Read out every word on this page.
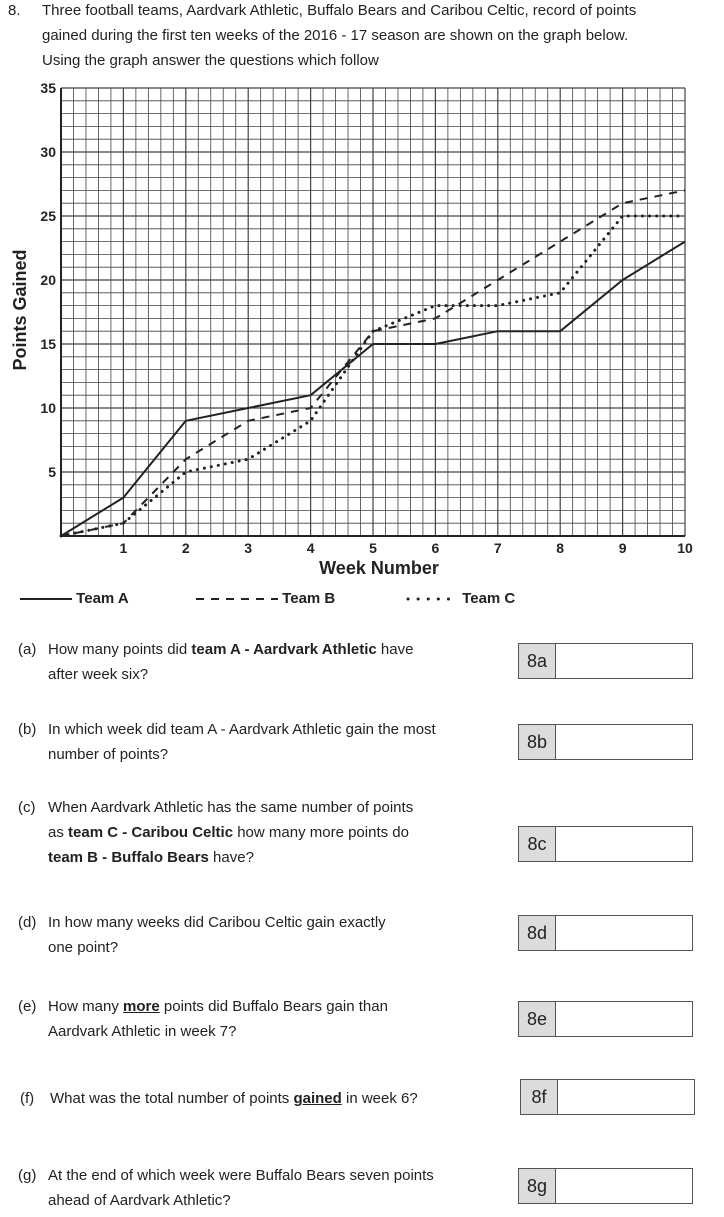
8. Three football teams, Aardvark Athletic, Buffalo Bears and Caribou Celtic, record of points
gained during the first ten weeks of the 2016 - 17 season are shown on the graph below.
Using the graph answer the questions which follow
1	2	3	4	5	6	7	8	9	10
5
10
15
20
25
30
35
Week Number
Points Gained
Team A	Team B	Team C
(a) How many points did team A - Aardvark Athletic have
after week six?
8a
(b) In which week did team A - Aardvark Athletic gain the most
number of points?
8b
(c) When Aardvark Athletic has the same number of points
as team C - Caribou Celtic how many more points do
team B - Buffalo Bears have?
8c
(d) In how many weeks did Caribou Celtic gain exactly
one point?
8d
(e) How many more points did Buffalo Bears gain than
Aardvark Athletic in week 7?
8e
(f) What was the total number of points gained in week 6?	8f
(g) At the end of which week were Buffalo Bears seven points
ahead of Aardvark Athletic?
8g
